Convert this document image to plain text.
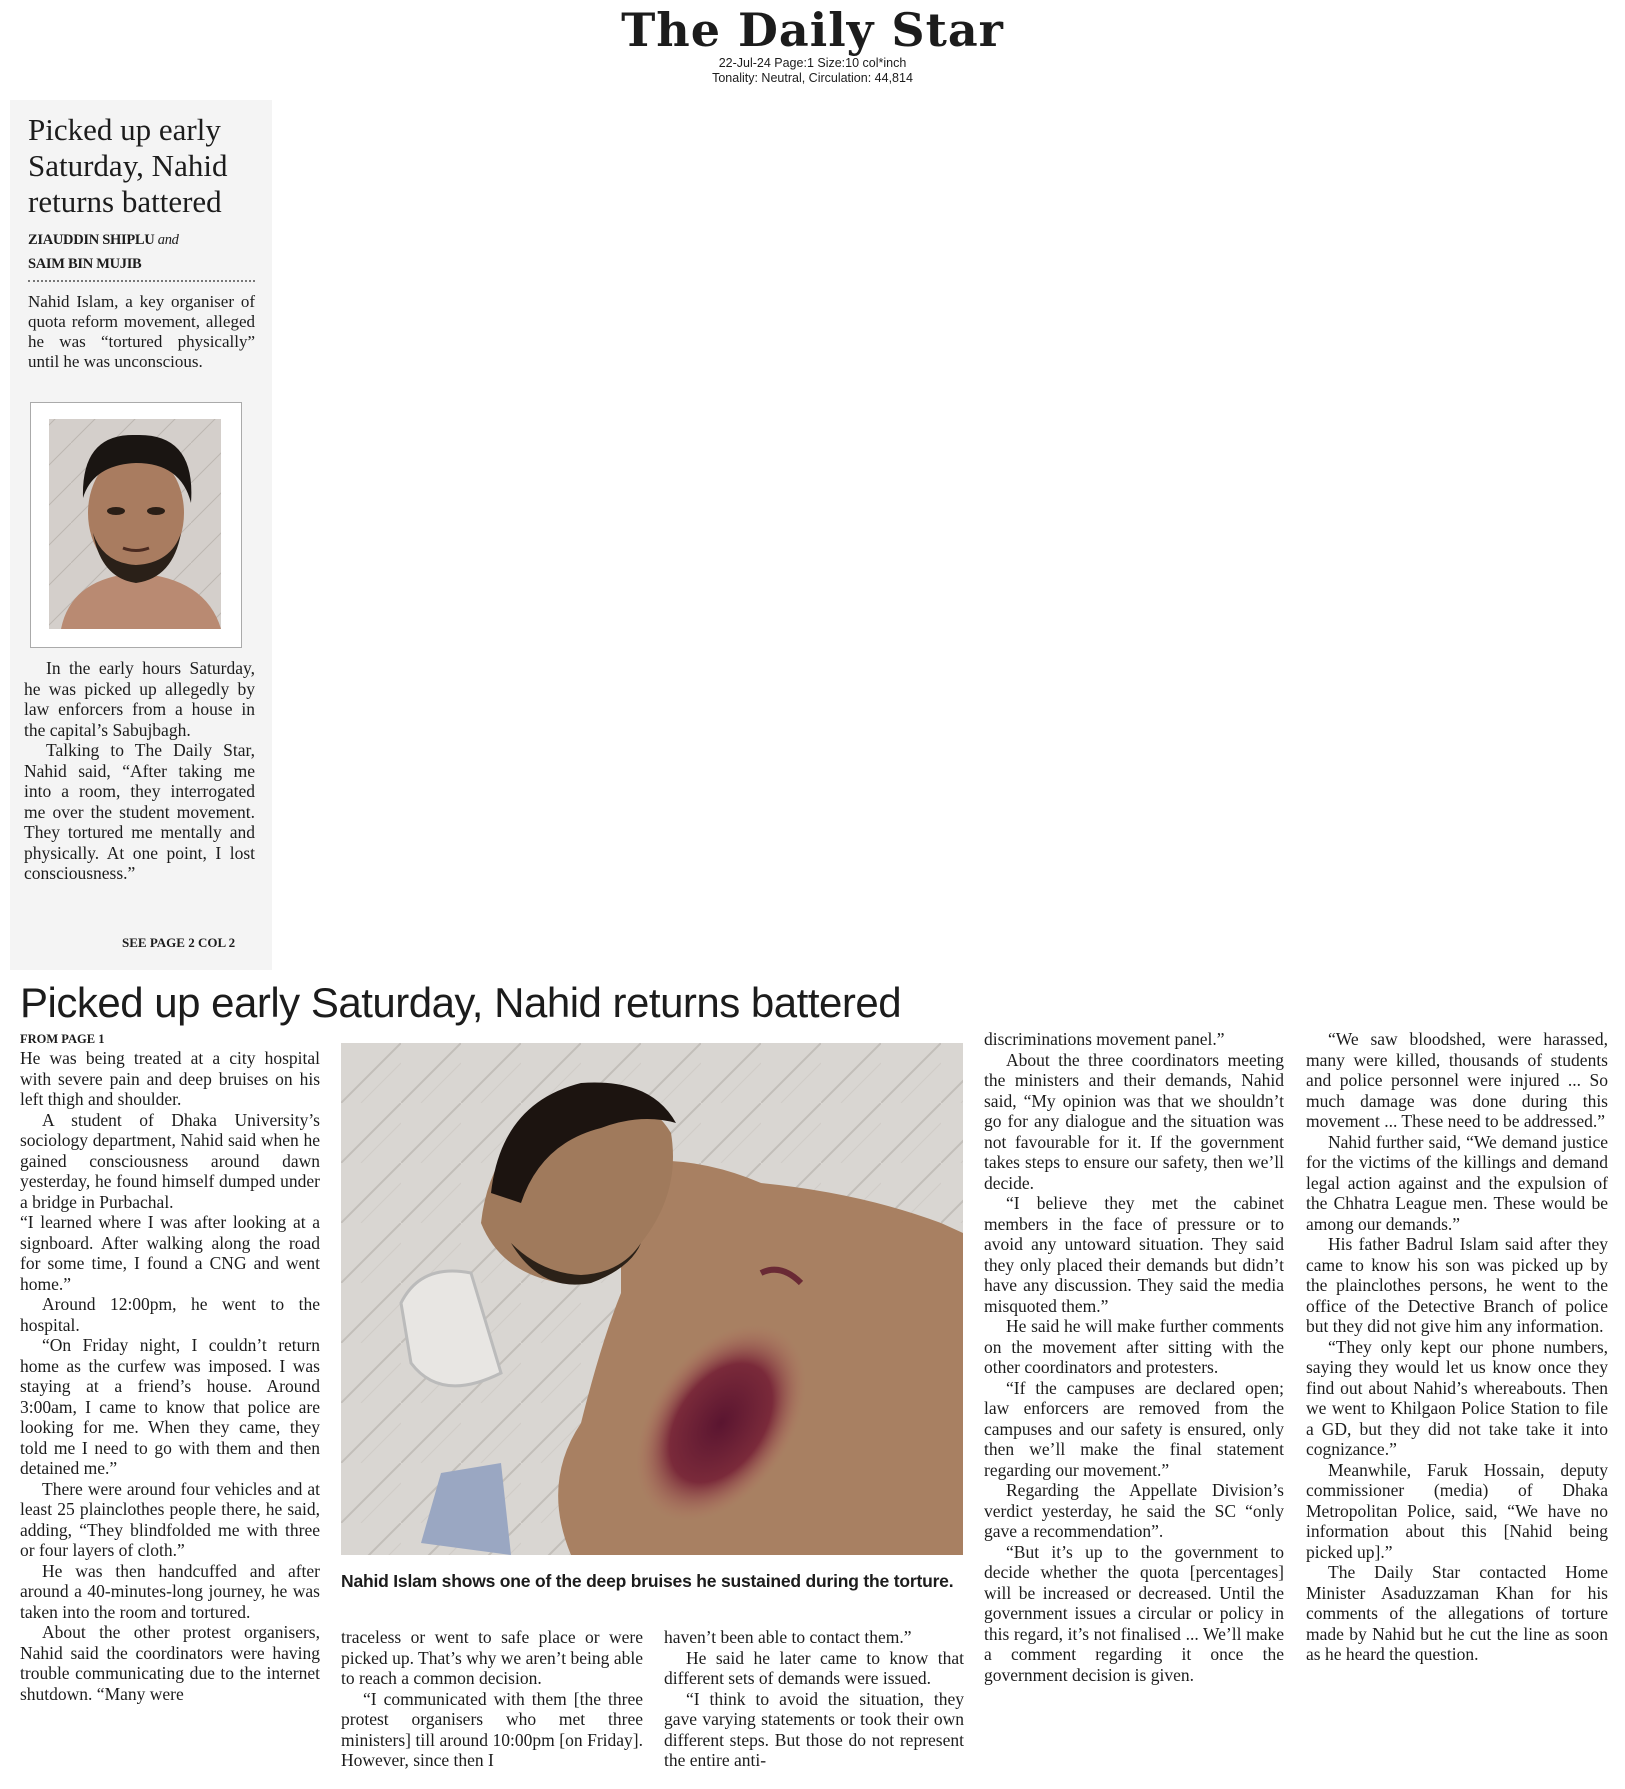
The Daily Star
22-Jul-24 Page:1 Size:10 col*inch
Tonality: Neutral, Circulation: 44,814
Picked up early Saturday, Nahid returns battered
ZIAUDDIN SHIPLU and
SAIM BIN MUJIB
Nahid Islam, a key organiser of quota reform movement, alleged he was “tortured physically” until he was unconscious.

In the early hours Saturday, he was picked up allegedly by law enforcers from a house in the capital’s Sabujbagh.

Talking to The Daily Star, Nahid said, “After taking me into a room, they interrogated me over the student movement. They tortured me mentally and physically. At one point, I lost consciousness.”

SEE PAGE 2 COL 2
Picked up early Saturday, Nahid returns battered
FROM PAGE 1

He was being treated at a city hospital with severe pain and deep bruises on his left thigh and shoulder.

A student of Dhaka University’s sociology department, Nahid said when he gained consciousness around dawn yesterday, he found himself dumped under a bridge in Purbachal.

“I learned where I was after looking at a signboard. After walking along the road for some time, I found a CNG and went home.”

Around 12:00pm, he went to the hospital.

“On Friday night, I couldn’t return home as the curfew was imposed. I was staying at a friend’s house. Around 3:00am, I came to know that police are looking for me. When they came, they told me I need to go with them and then detained me.”

There were around four vehicles and at least 25 plainclothes people there, he said, adding, “They blindfolded me with three or four layers of cloth.”

He was then handcuffed and after around a 40-minutes-long journey, he was taken into the room and tortured.

About the other protest organisers, Nahid said the coordinators were having trouble communicating due to the internet shutdown. “Many were

Nahid Islam shows one of the deep bruises he sustained during the torture.

traceless or went to safe place or were picked up. That’s why we aren’t being able to reach a common decision.

“I communicated with them [the three protest organisers who met three ministers] till around 10:00pm [on Friday]. However, since then I

haven’t been able to contact them.”

He said he later came to know that different sets of demands were issued.

“I think to avoid the situation, they gave varying statements or took their own different steps. But those do not represent the entire anti-

discriminations movement panel.”

About the three coordinators meeting the ministers and their demands, Nahid said, “My opinion was that we shouldn’t go for any dialogue and the situation was not favourable for it. If the government takes steps to ensure our safety, then we’ll decide.

“I believe they met the cabinet members in the face of pressure or to avoid any untoward situation. They said they only placed their demands but didn’t have any discussion. They said the media misquoted them.”

He said he will make further comments on the movement after sitting with the other coordinators and protesters.

“If the campuses are declared open; law enforcers are removed from the campuses and our safety is ensured, only then we’ll make the final statement regarding our movement.”

Regarding the Appellate Division’s verdict yesterday, he said the SC “only gave a recommendation”.

“But it’s up to the government to decide whether the quota [percentages] will be increased or decreased. Until the government issues a circular or policy in this regard, it’s not finalised ... We’ll make a comment regarding it once the government decision is given.

“We saw bloodshed, were harassed, many were killed, thousands of students and police personnel were injured ... So much damage was done during this movement ... These need to be addressed.”

Nahid further said, “We demand justice for the victims of the killings and demand legal action against and the expulsion of the Chhatra League men. These would be among our demands.”

His father Badrul Islam said after they came to know his son was picked up by the plainclothes persons, he went to the office of the Detective Branch of police but they did not give him any information.

“They only kept our phone numbers, saying they would let us know once they find out about Nahid’s whereabouts. Then we went to Khilgaon Police Station to file a GD, but they did not take take it into cognizance.”

Meanwhile, Faruk Hossain, deputy commissioner (media) of Dhaka Metropolitan Police, said, “We have no information about this [Nahid being picked up].”

The Daily Star contacted Home Minister Asaduzzaman Khan for his comments of the allegations of torture made by Nahid but he cut the line as soon as he heard the question.
